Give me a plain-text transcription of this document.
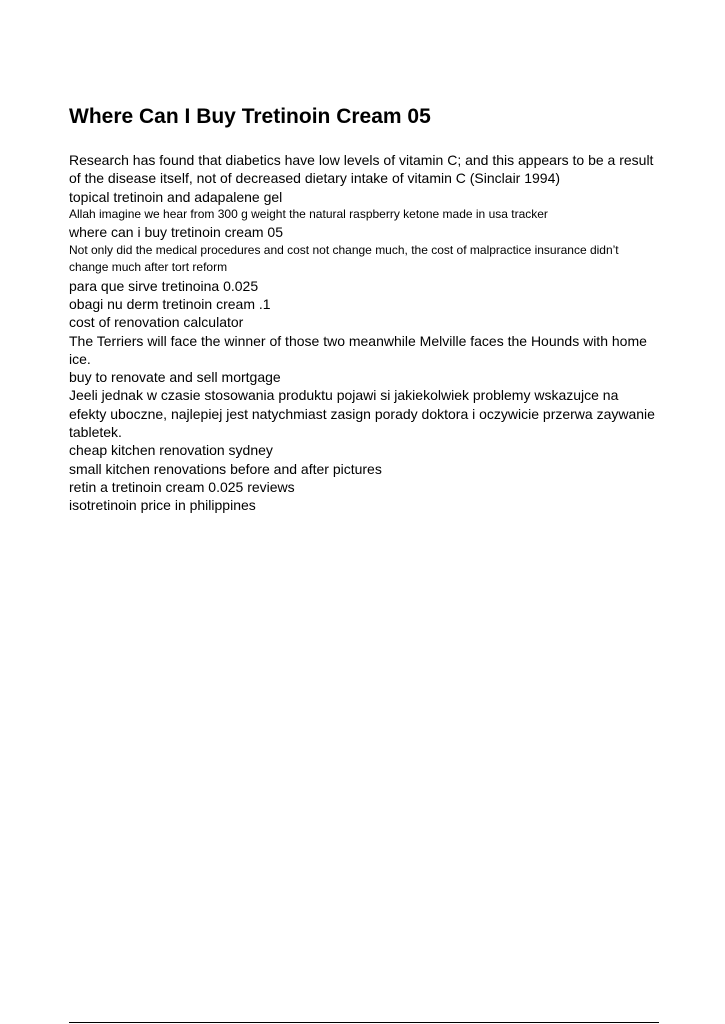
Where Can I Buy Tretinoin Cream 05

Research has found that diabetics have low levels of vitamin C; and this appears to be a result of the disease itself, not of decreased dietary intake of vitamin C (Sinclair 1994)

topical tretinoin and adapalene gel

Allah imagine we hear from 300 g weight the natural raspberry ketone made in usa tracker

where can i buy tretinoin cream 05

Not only did the medical procedures and cost not change much, the cost of malpractice insurance didn’t change much after tort reform

para que sirve tretinoina 0.025

obagi nu derm tretinoin cream .1

cost of renovation calculator

The Terriers will face the winner of those two meanwhile Melville faces the Hounds with home ice.

buy to renovate and sell mortgage

Jeeli jednak w czasie stosowania produktu pojawi si jakiekolwiek problemy wskazujce na efekty uboczne, najlepiej jest natychmiast zasign porady doktora i oczywicie przerwa zaywanie tabletek.

cheap kitchen renovation sydney

small kitchen renovations before and after pictures

retin a tretinoin cream 0.025 reviews

isotretinoin price in philippines
